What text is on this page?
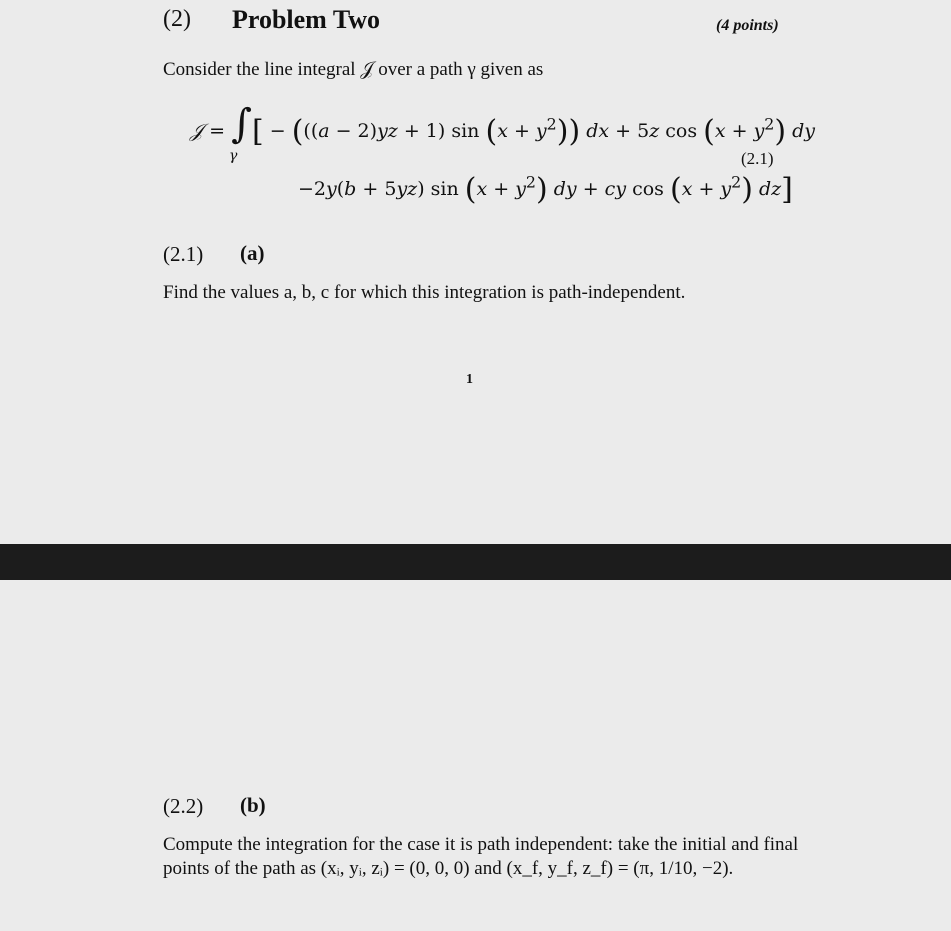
(2) Problem Two	(4 points)
Consider the line integral 𝒥 over a path γ given as
𝒥 = ∫[ − (((a − 2)yz + 1) $\sin (x + y^2)$) dx + 5z $\cos (x + y^2)$ dy
γ
−2y(b + 5yz) $\sin (x + y^2)$ dy + cy $\cos (x + y^2)$ dz]
(2.1)
(2.1) (a)
Find the values a, b, c for which this integration is path-independent.
1
(2.2) (b)
Compute the integration for the case it is path independent: take the initial and final points of the path as (xᵢ, yᵢ, zᵢ) = (0, 0, 0) and (x_f, y_f, z_f) = (π, 1/10, −2).
